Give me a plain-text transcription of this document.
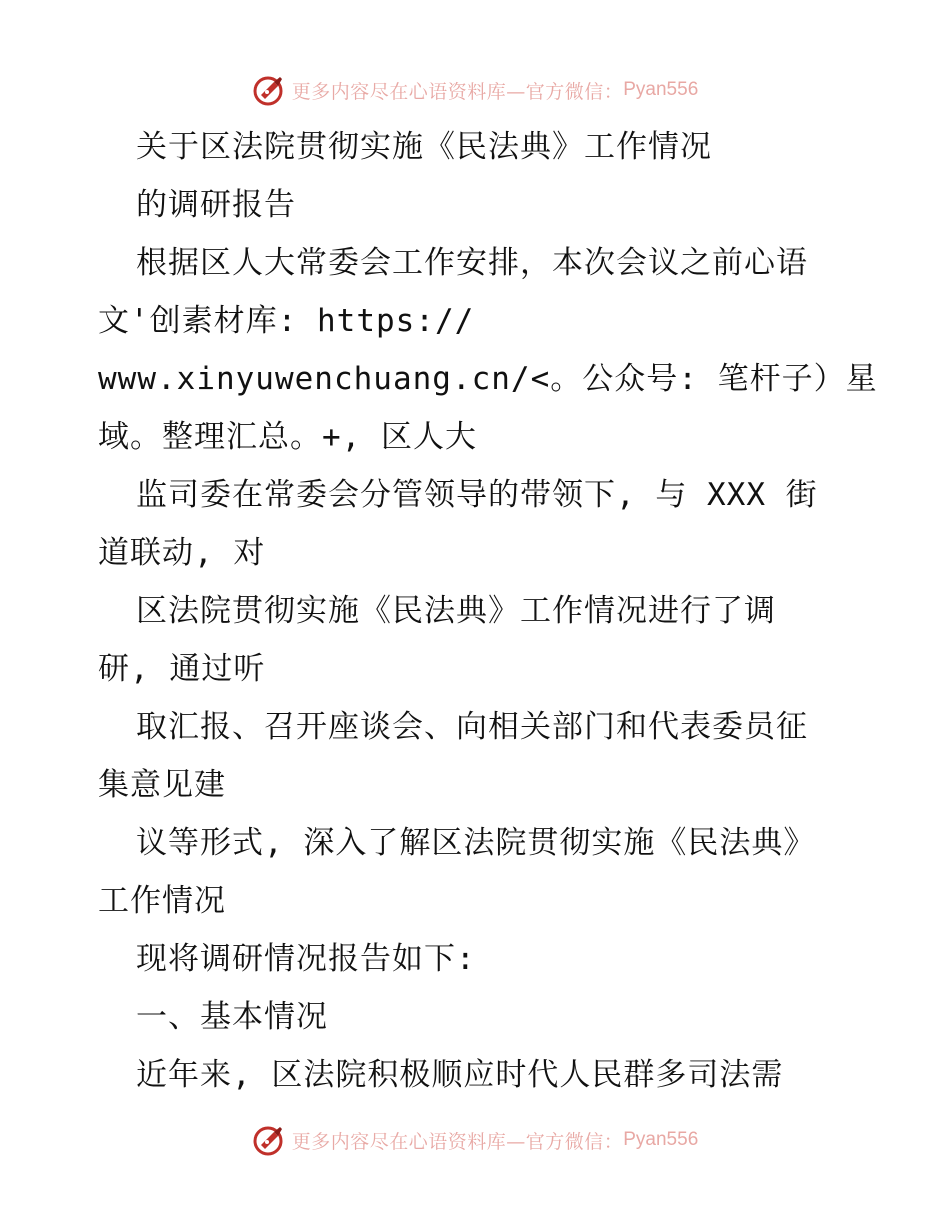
更多内容尽在心语资料库—官方微信： Pyan556
关于区法院贯彻实施《民法典》工作情况
的调研报告
根据区人大常委会工作安排，本次会议之前心语
文'创素材库: https://
www.xinyuwenchuang.cn/<。公众号: 笔杆子）星
域。整理汇总。+, 区人大
监司委在常委会分管领导的带领下, 与 XXX 街
道联动, 对
区法院贯彻实施《民法典》工作情况进行了调
研, 通过听
取汇报、召开座谈会、向相关部门和代表委员征
集意见建
议等形式, 深入了解区法院贯彻实施《民法典》
工作情况
现将调研情况报告如下:
一、基本情况
近年来, 区法院积极顺应时代人民群多司法需
更多内容尽在心语资料库—官方微信： Pyan556
